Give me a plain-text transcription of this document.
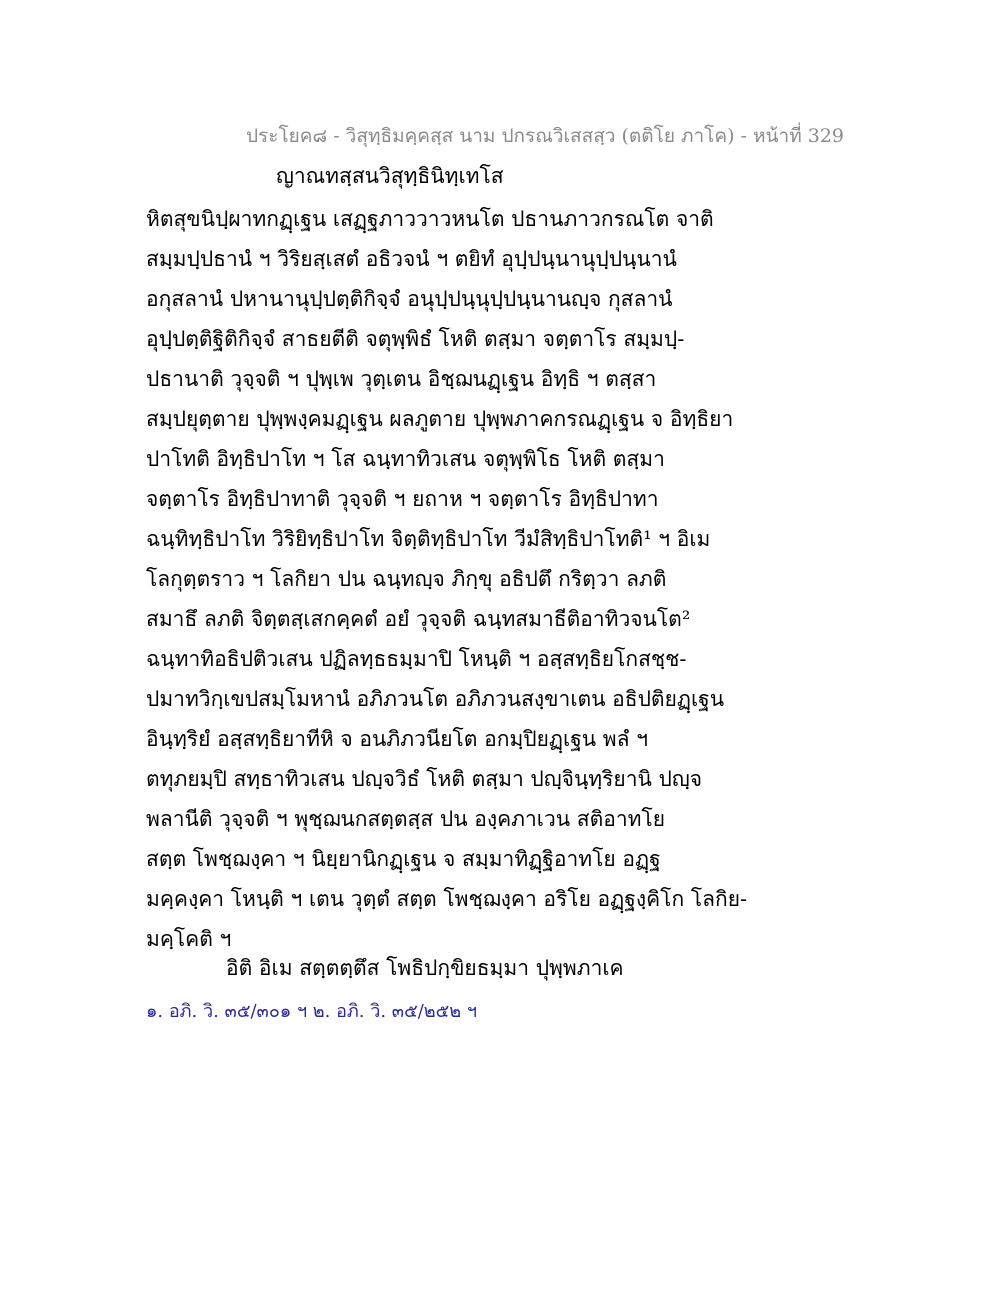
ประโยค๘ - วิสุทฺธิมคฺคสฺส นาม ปกรณวิเสสสฺว (ตติโย ภาโค) - หน้าที่ 329
ญาณทสฺสนวิสุทฺธินิทฺเทโส
หิตสุขนิปฺผาทกฏฺเฐน เสฏฺฐภาววาวหนโต ปธานภาวกรณโต จาติ
สมฺมปฺปธานํ ฯ วิริยสฺเสตํ อธิวจนํ ฯ ตยิทํ อุปฺปนฺนานุปฺปนฺนานํ
อกุสลานํ ปหานานุปฺปตฺติกิจฺจํ อนุปฺปนฺนุปฺปนฺนานญฺจ กุสลานํ
อุปฺปตฺติฐิติกิจฺจํ สาธยตีติ จตุพฺพิธํ โหติ ตสฺมา จตฺตาโร สมฺมปฺ-
ปธานาติ วุจฺจติ ฯ ปุพฺเพ วุตฺเตน อิชฺฌนฏฺเฐน อิทฺธิ ฯ ตสฺสา
สมฺปยุตฺตาย ปุพฺพงฺคมฏฺเฐน ผลภูตาย ปุพฺพภาคกรณฏฺเฐน จ อิทฺธิยา
ปาโทติ อิทฺธิปาโท ฯ โส ฉนฺทาทิวเสน จตุพฺพิโธ โหติ ตสฺมา
จตฺตาโร อิทฺธิปาทาติ วุจฺจติ ฯ ยถาห ฯ จตฺตาโร อิทฺธิปาทา
ฉนฺทิทฺธิปาโท วิริยิทฺธิปาโท จิตฺติทฺธิปาโท วีมํสิทฺธิปาโทติ¹ ฯ อิเม
โลกุตฺตราว ฯ โลกิยา ปน ฉนฺทญฺจ ภิกฺขุ อธิปตึ กริตฺวา ลภติ
สมาธึ ลภติ จิตฺตสฺเสกคฺคตํ อยํ วุจฺจติ ฉนฺทสมาธีติอาทิวจนโต²
ฉนฺทาทิอธิปติวเสน ปฏิลทฺธธมฺมาปิ โหนฺติ ฯ อสฺสทฺธิยโกสชฺช-
ปมาทวิกฺเขปสมฺโมหานํ อภิภวนโต อภิภวนสงฺขาเตน อธิปติยฏฺเฐน
อินฺทฺริยํ อสฺสทฺธิยาทีหิ จ อนภิภวนียโต อกมฺปิยฏฺเฐน พลํ ฯ
ตทุภยมฺปิ สทฺธาทิวเสน ปญฺจวิธํ โหติ ตสฺมา ปญฺจินฺทฺริยานิ ปญฺจ
พลานีติ วุจฺจติ ฯ พุชฺฌนกสตฺตสฺส ปน องฺคภาเวน สติอาทโย
สตฺต โพชฺฌงฺคา ฯ นิยฺยานิกฏฺเฐน จ สมฺมาทิฏฺฐิอาทโย อฏฺฐ
มคฺคงฺคา โหนฺติ ฯ เตน วุตฺตํ สตฺต โพชฺฌงฺคา อริโย อฏฺฐงฺคิโก โลกิย-
มคฺโคติ ฯ
อิติ อิเม สตฺตตฺตึส โพธิปกฺขิยธมฺมา ปุพฺพภาเค
๑. อภิ. วิ. ๓๕/๓๐๑ ฯ ๒. อภิ. วิ. ๓๕/๒๕๒ ฯ
